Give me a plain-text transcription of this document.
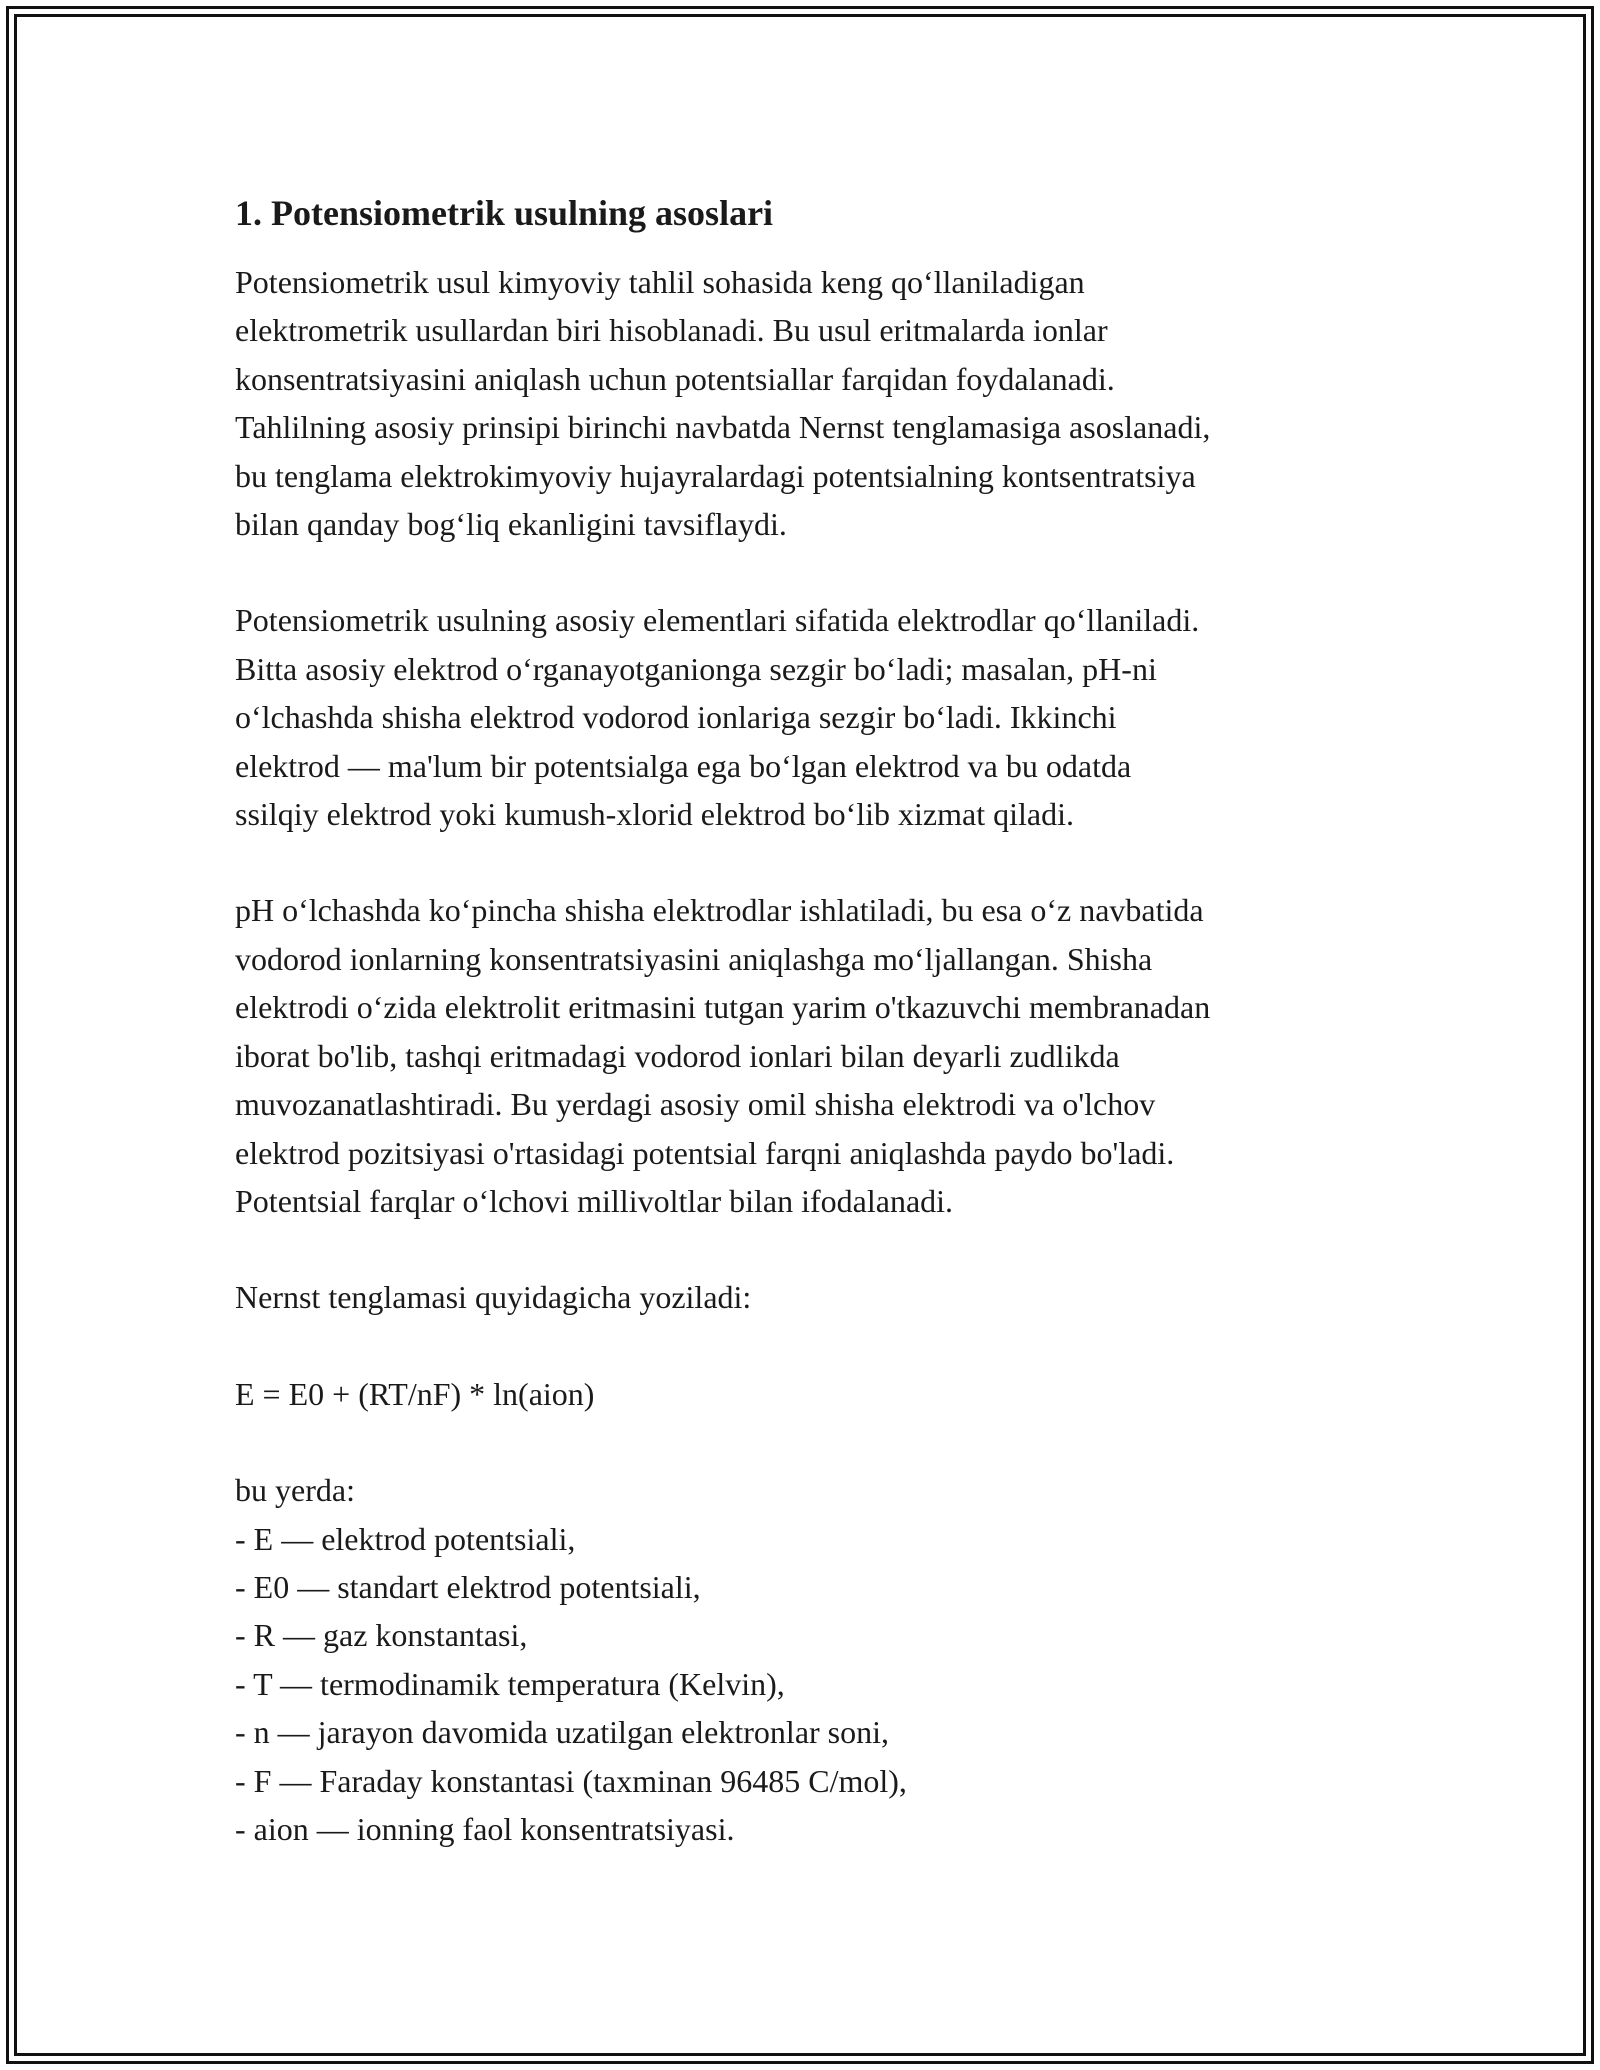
1. Potensiometrik usulning asoslari

Potensiometrik usul kimyoviy tahlil sohasida keng qo‘llaniladigan
elektrometrik usullardan biri hisoblanadi. Bu usul eritmalarda ionlar
konsentratsiyasini aniqlash uchun potentsiallar farqidan foydalanadi.
Tahlilning asosiy prinsipi birinchi navbatda Nernst tenglamasiga asoslanadi,
bu tenglama elektrokimyoviy hujayralardagi potentsialning kontsentratsiya
bilan qanday bog‘liq ekanligini tavsiflaydi.

Potensiometrik usulning asosiy elementlari sifatida elektrodlar qo‘llaniladi.
Bitta asosiy elektrod o‘rganayotganionga sezgir bo‘ladi; masalan, pH-ni
o‘lchashda shisha elektrod vodorod ionlariga sezgir bo‘ladi. Ikkinchi
elektrod — ma'lum bir potentsialga ega bo‘lgan elektrod va bu odatda
ssilqiy elektrod yoki kumush-xlorid elektrod bo‘lib xizmat qiladi.

pH o‘lchashda ko‘pincha shisha elektrodlar ishlatiladi, bu esa o‘z navbatida
vodorod ionlarning konsentratsiyasini aniqlashga mo‘ljallangan. Shisha
elektrodi o‘zida elektrolit eritmasini tutgan yarim o'tkazuvchi membranadan
iborat bo'lib, tashqi eritmadagi vodorod ionlari bilan deyarli zudlikda
muvozanatlashtiradi. Bu yerdagi asosiy omil shisha elektrodi va o'lchov
elektrod pozitsiyasi o'rtasidagi potentsial farqni aniqlashda paydo bo'ladi.
Potentsial farqlar o‘lchovi millivoltlar bilan ifodalanadi.

Nernst tenglamasi quyidagicha yoziladi:

E = E0 + (RT/nF) * ln(aion)

bu yerda:
- E — elektrod potentsiali,
- E0 — standart elektrod potentsiali,
- R — gaz konstantasi,
- T — termodinamik temperatura (Kelvin),
- n — jarayon davomida uzatilgan elektronlar soni,
- F — Faraday konstantasi (taxminan 96485 C/mol),
- aion — ionning faol konsentratsiyasi.
